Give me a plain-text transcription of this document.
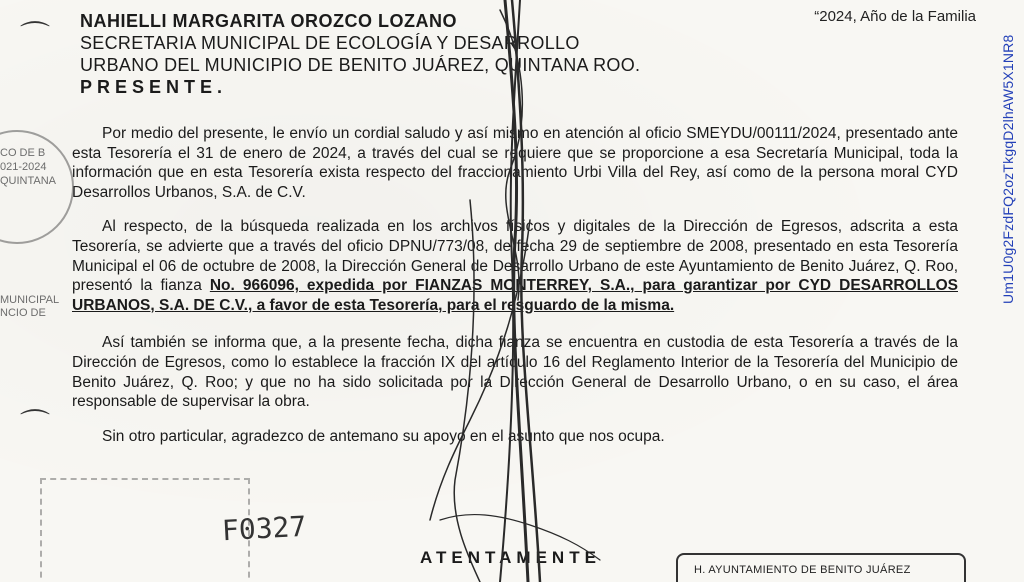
“2024, Año de la Familia
Um1U0g2FzdFQ2ozTkgqD2lhAW5X1NR8
NAHIELLI MARGARITA OROZCO LOZANO
SECRETARIA MUNICIPAL DE ECOLOGÍA Y DESARROLLO
URBANO DEL MUNICIPIO DE BENITO JUÁREZ, QUINTANA ROO.
PRESENTE.

Por medio del presente, le envío un cordial saludo y así mismo en atención al oficio SMEYDU/00111/2024, presentado ante esta Tesorería el 31 de enero de 2024, a través del cual se requiere que se proporcione a esa Secretaría Municipal, toda la información que en esta Tesorería exista respecto del fraccionamiento Urbi Villa del Rey, así como de la persona moral CYD Desarrollos Urbanos, S.A. de C.V.

Al respecto, de la búsqueda realizada en los archivos físicos y digitales de la Dirección de Egresos, adscrita a esta Tesorería, se advierte que a través del oficio DPNU/773/08, de fecha 29 de septiembre de 2008, presentado en esta Tesorería Municipal el 06 de octubre de 2008, la Dirección General de Desarrollo Urbano de este Ayuntamiento de Benito Juárez, Q. Roo, presentó la fianza No. 966096, expedida por FIANZAS MONTERREY, S.A., para garantizar por CYD DESARROLLOS URBANOS, S.A. DE C.V., a favor de esta Tesorería, para el resguardo de la misma.

Así también se informa que, a la presente fecha, dicha fianza se encuentra en custodia de esta Tesorería a través de la Dirección de Egresos, como lo establece la fracción IX del artículo 16 del Reglamento Interior de la Tesorería del Municipio de Benito Juárez, Q. Roo; y que no ha sido solicitada por la Dirección General de Desarrollo Urbano, o en su caso, el área responsable de supervisar la obra.

Sin otro particular, agradezco de antemano su apoyo en el asunto que nos ocupa.

ATENTAMENTE
H. AYUNTAMIENTO DE BENITO JUÁREZ
F0327
CO DE B
021-2024
QUINTANA
MUNICIPAL
NCIO DE
⌒
⌒
